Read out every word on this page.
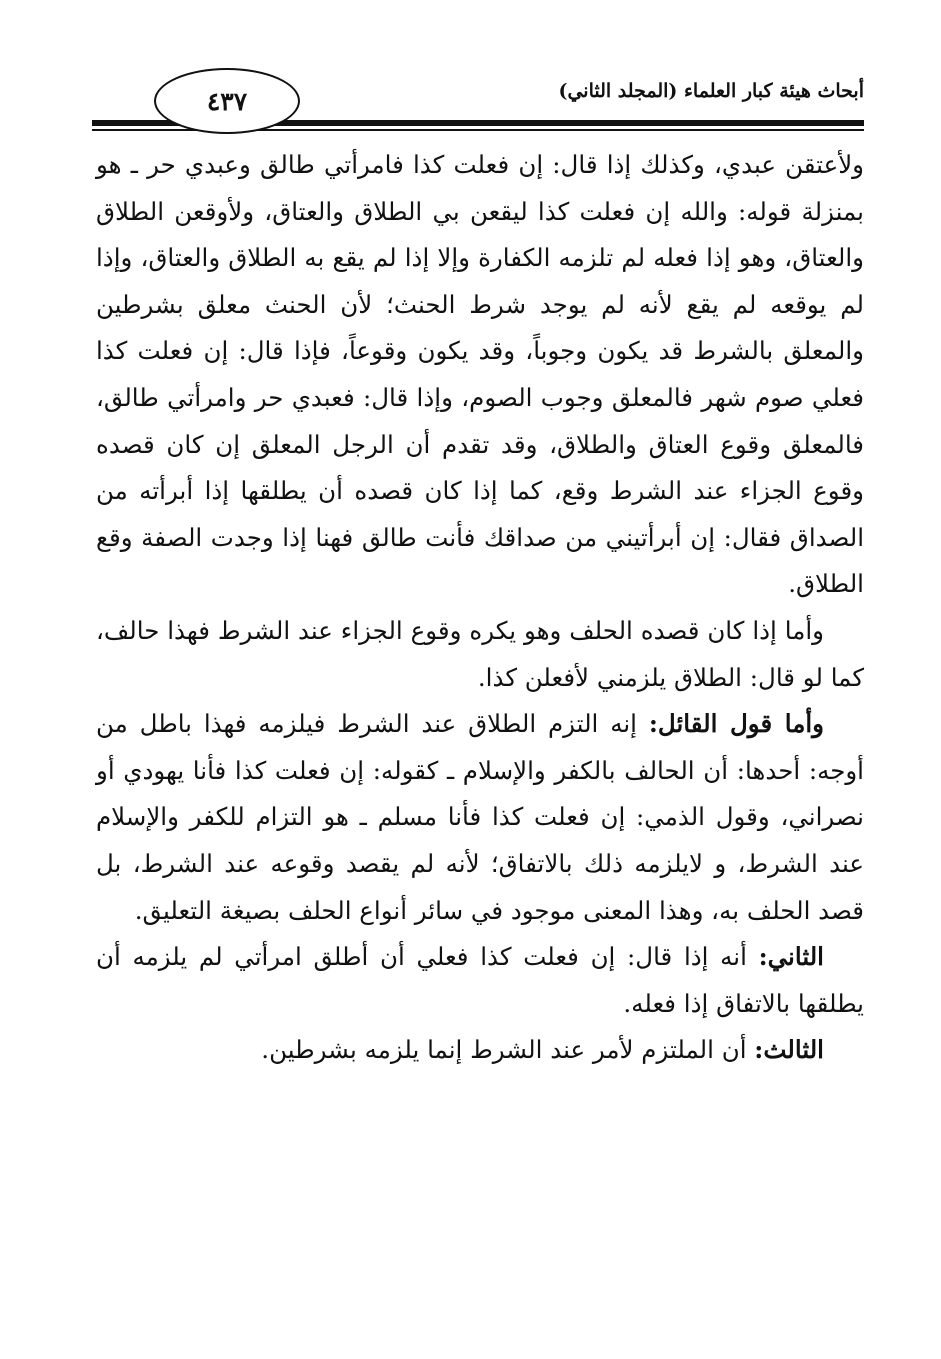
٤٣٧	أبحاث هيئة كبار العلماء (المجلد الثاني)

ولأعتقن عبدي، وكذلك إذا قال: إن فعلت كذا فامرأتي طالق وعبدي حر ـ هو بمنزلة قوله: والله إن فعلت كذا ليقعن بي الطلاق والعتاق، ولأوقعن الطلاق والعتاق، وهو إذا فعله لم تلزمه الكفارة وإلا إذا لم يقع به الطلاق والعتاق، وإذا لم يوقعه لم يقع لأنه لم يوجد شرط الحنث؛ لأن الحنث معلق بشرطين والمعلق بالشرط قد يكون وجوباً، وقد يكون وقوعاً، فإذا قال: إن فعلت كذا فعلي صوم شهر فالمعلق وجوب الصوم، وإذا قال: فعبدي حر وامرأتي طالق، فالمعلق وقوع العتاق والطلاق، وقد تقدم أن الرجل المعلق إن كان قصده وقوع الجزاء عند الشرط وقع، كما إذا كان قصده أن يطلقها إذا أبرأته من الصداق فقال: إن أبرأتيني من صداقك فأنت طالق فهنا إذا وجدت الصفة وقع الطلاق.

وأما إذا كان قصده الحلف وهو يكره وقوع الجزاء عند الشرط فهذا حالف، كما لو قال: الطلاق يلزمني لأفعلن كذا.

وأما قول القائل: إنه التزم الطلاق عند الشرط فيلزمه فهذا باطل من أوجه: أحدها: أن الحالف بالكفر والإسلام ـ كقوله: إن فعلت كذا فأنا يهودي أو نصراني، وقول الذمي: إن فعلت كذا فأنا مسلم ـ هو التزام للكفر والإسلام عند الشرط، و لايلزمه ذلك بالاتفاق؛ لأنه لم يقصد وقوعه عند الشرط، بل قصد الحلف به، وهذا المعنى موجود في سائر أنواع الحلف بصيغة التعليق.

الثاني: أنه إذا قال: إن فعلت كذا فعلي أن أطلق امرأتي لم يلزمه أن يطلقها بالاتفاق إذا فعله.

الثالث: أن الملتزم لأمر عند الشرط إنما يلزمه بشرطين.
